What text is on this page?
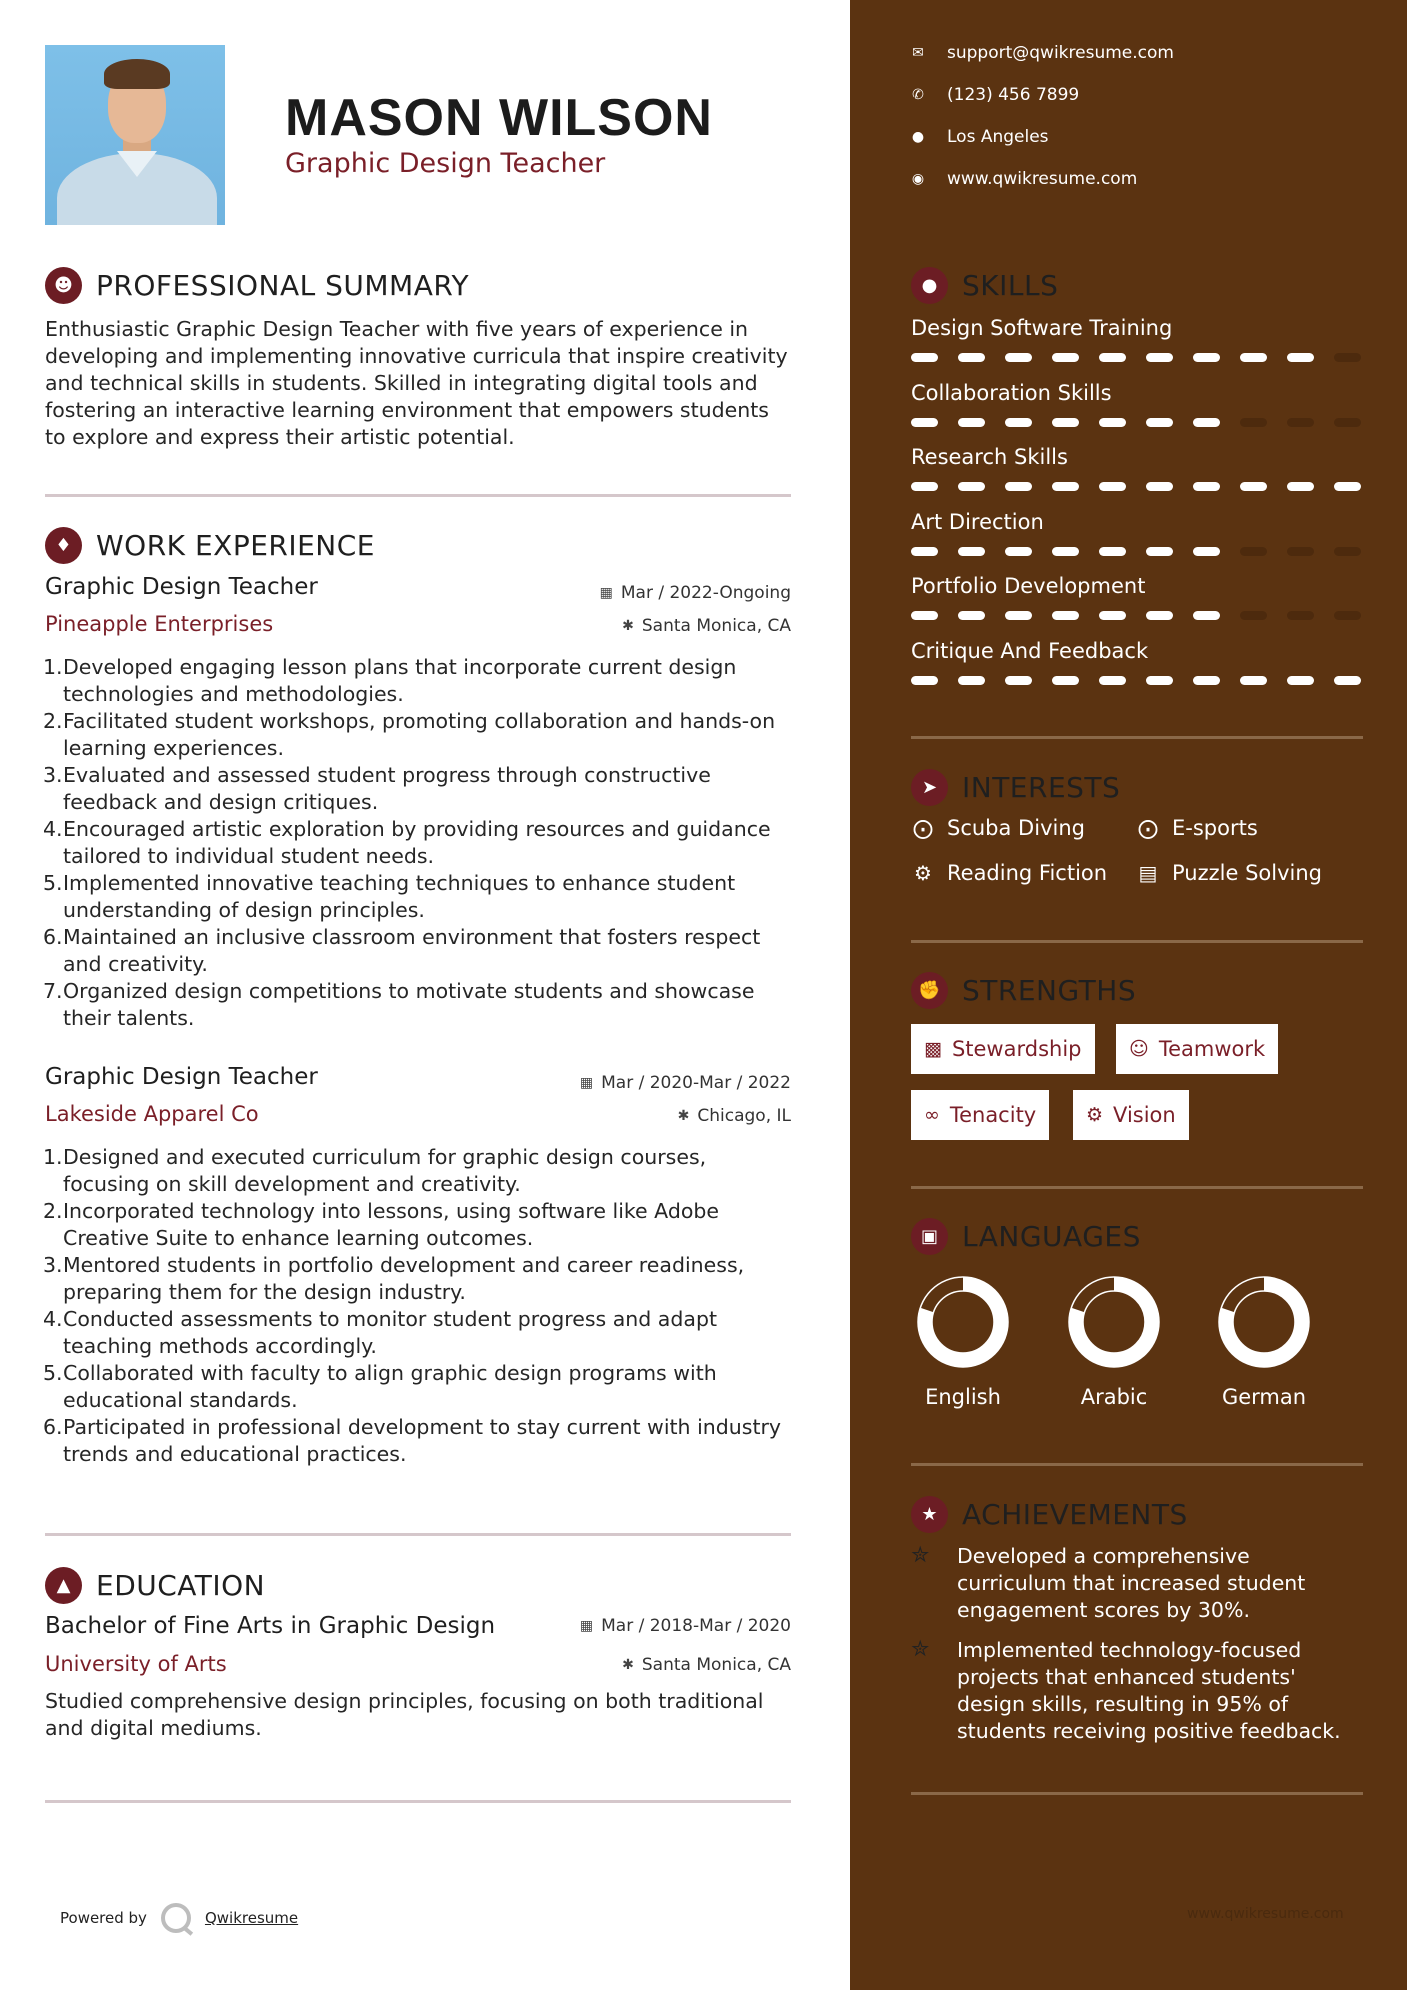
MASON WILSON
Graphic Design Teacher
☻ PROFESSIONAL SUMMARY
Enthusiastic Graphic Design Teacher with five years of experience in developing and implementing innovative curricula that inspire creativity and technical skills in students. Skilled in integrating digital tools and fostering an interactive learning environment that empowers students to explore and express their artistic potential.
♦ WORK EXPERIENCE
Graphic Design Teacher	▦ Mar / 2022-Ongoing
Pineapple Enterprises	✱ Santa Monica, CA
1. Developed engaging lesson plans that incorporate current design technologies and methodologies.
2. Facilitated student workshops, promoting collaboration and hands-on learning experiences.
3. Evaluated and assessed student progress through constructive feedback and design critiques.
4. Encouraged artistic exploration by providing resources and guidance tailored to individual student needs.
5. Implemented innovative teaching techniques to enhance student understanding of design principles.
6. Maintained an inclusive classroom environment that fosters respect and creativity.
7. Organized design competitions to motivate students and showcase their talents.
Graphic Design Teacher	▦ Mar / 2020-Mar / 2022
Lakeside Apparel Co	✱ Chicago, IL
1. Designed and executed curriculum for graphic design courses, focusing on skill development and creativity.
2. Incorporated technology into lessons, using software like Adobe Creative Suite to enhance learning outcomes.
3. Mentored students in portfolio development and career readiness, preparing them for the design industry.
4. Conducted assessments to monitor student progress and adapt teaching methods accordingly.
5. Collaborated with faculty to align graphic design programs with educational standards.
6. Participated in professional development to stay current with industry trends and educational practices.
▲ EDUCATION
Bachelor of Fine Arts in Graphic Design	▦ Mar / 2018-Mar / 2020
University of Arts	✱ Santa Monica, CA
Studied comprehensive design principles, focusing on both traditional and digital mediums.
Powered by	Qwikresume
✉ support@qwikresume.com
✆ (123) 456 7899
● Los Angeles
◉ www.qwikresume.com
● SKILLS
Design Software Training
Collaboration Skills
Research Skills
Art Direction
Portfolio Development
Critique And Feedback
➤ INTERESTS
⨀ Scuba Diving	⨀ E-sports
⚙ Reading Fiction ▤ Puzzle Solving
✊ STRENGTHS
▩ Stewardship	☺ Teamwork
∞ Tenacity	⚙ Vision
▣ LANGUAGES
English	Arabic	German
★ ACHIEVEMENTS
✮	Developed a comprehensive curriculum that increased student engagement scores by 30%.
✮	Implemented technology-focused projects that enhanced students' design skills, resulting in 95% of students receiving positive feedback.
www.qwikresume.com
